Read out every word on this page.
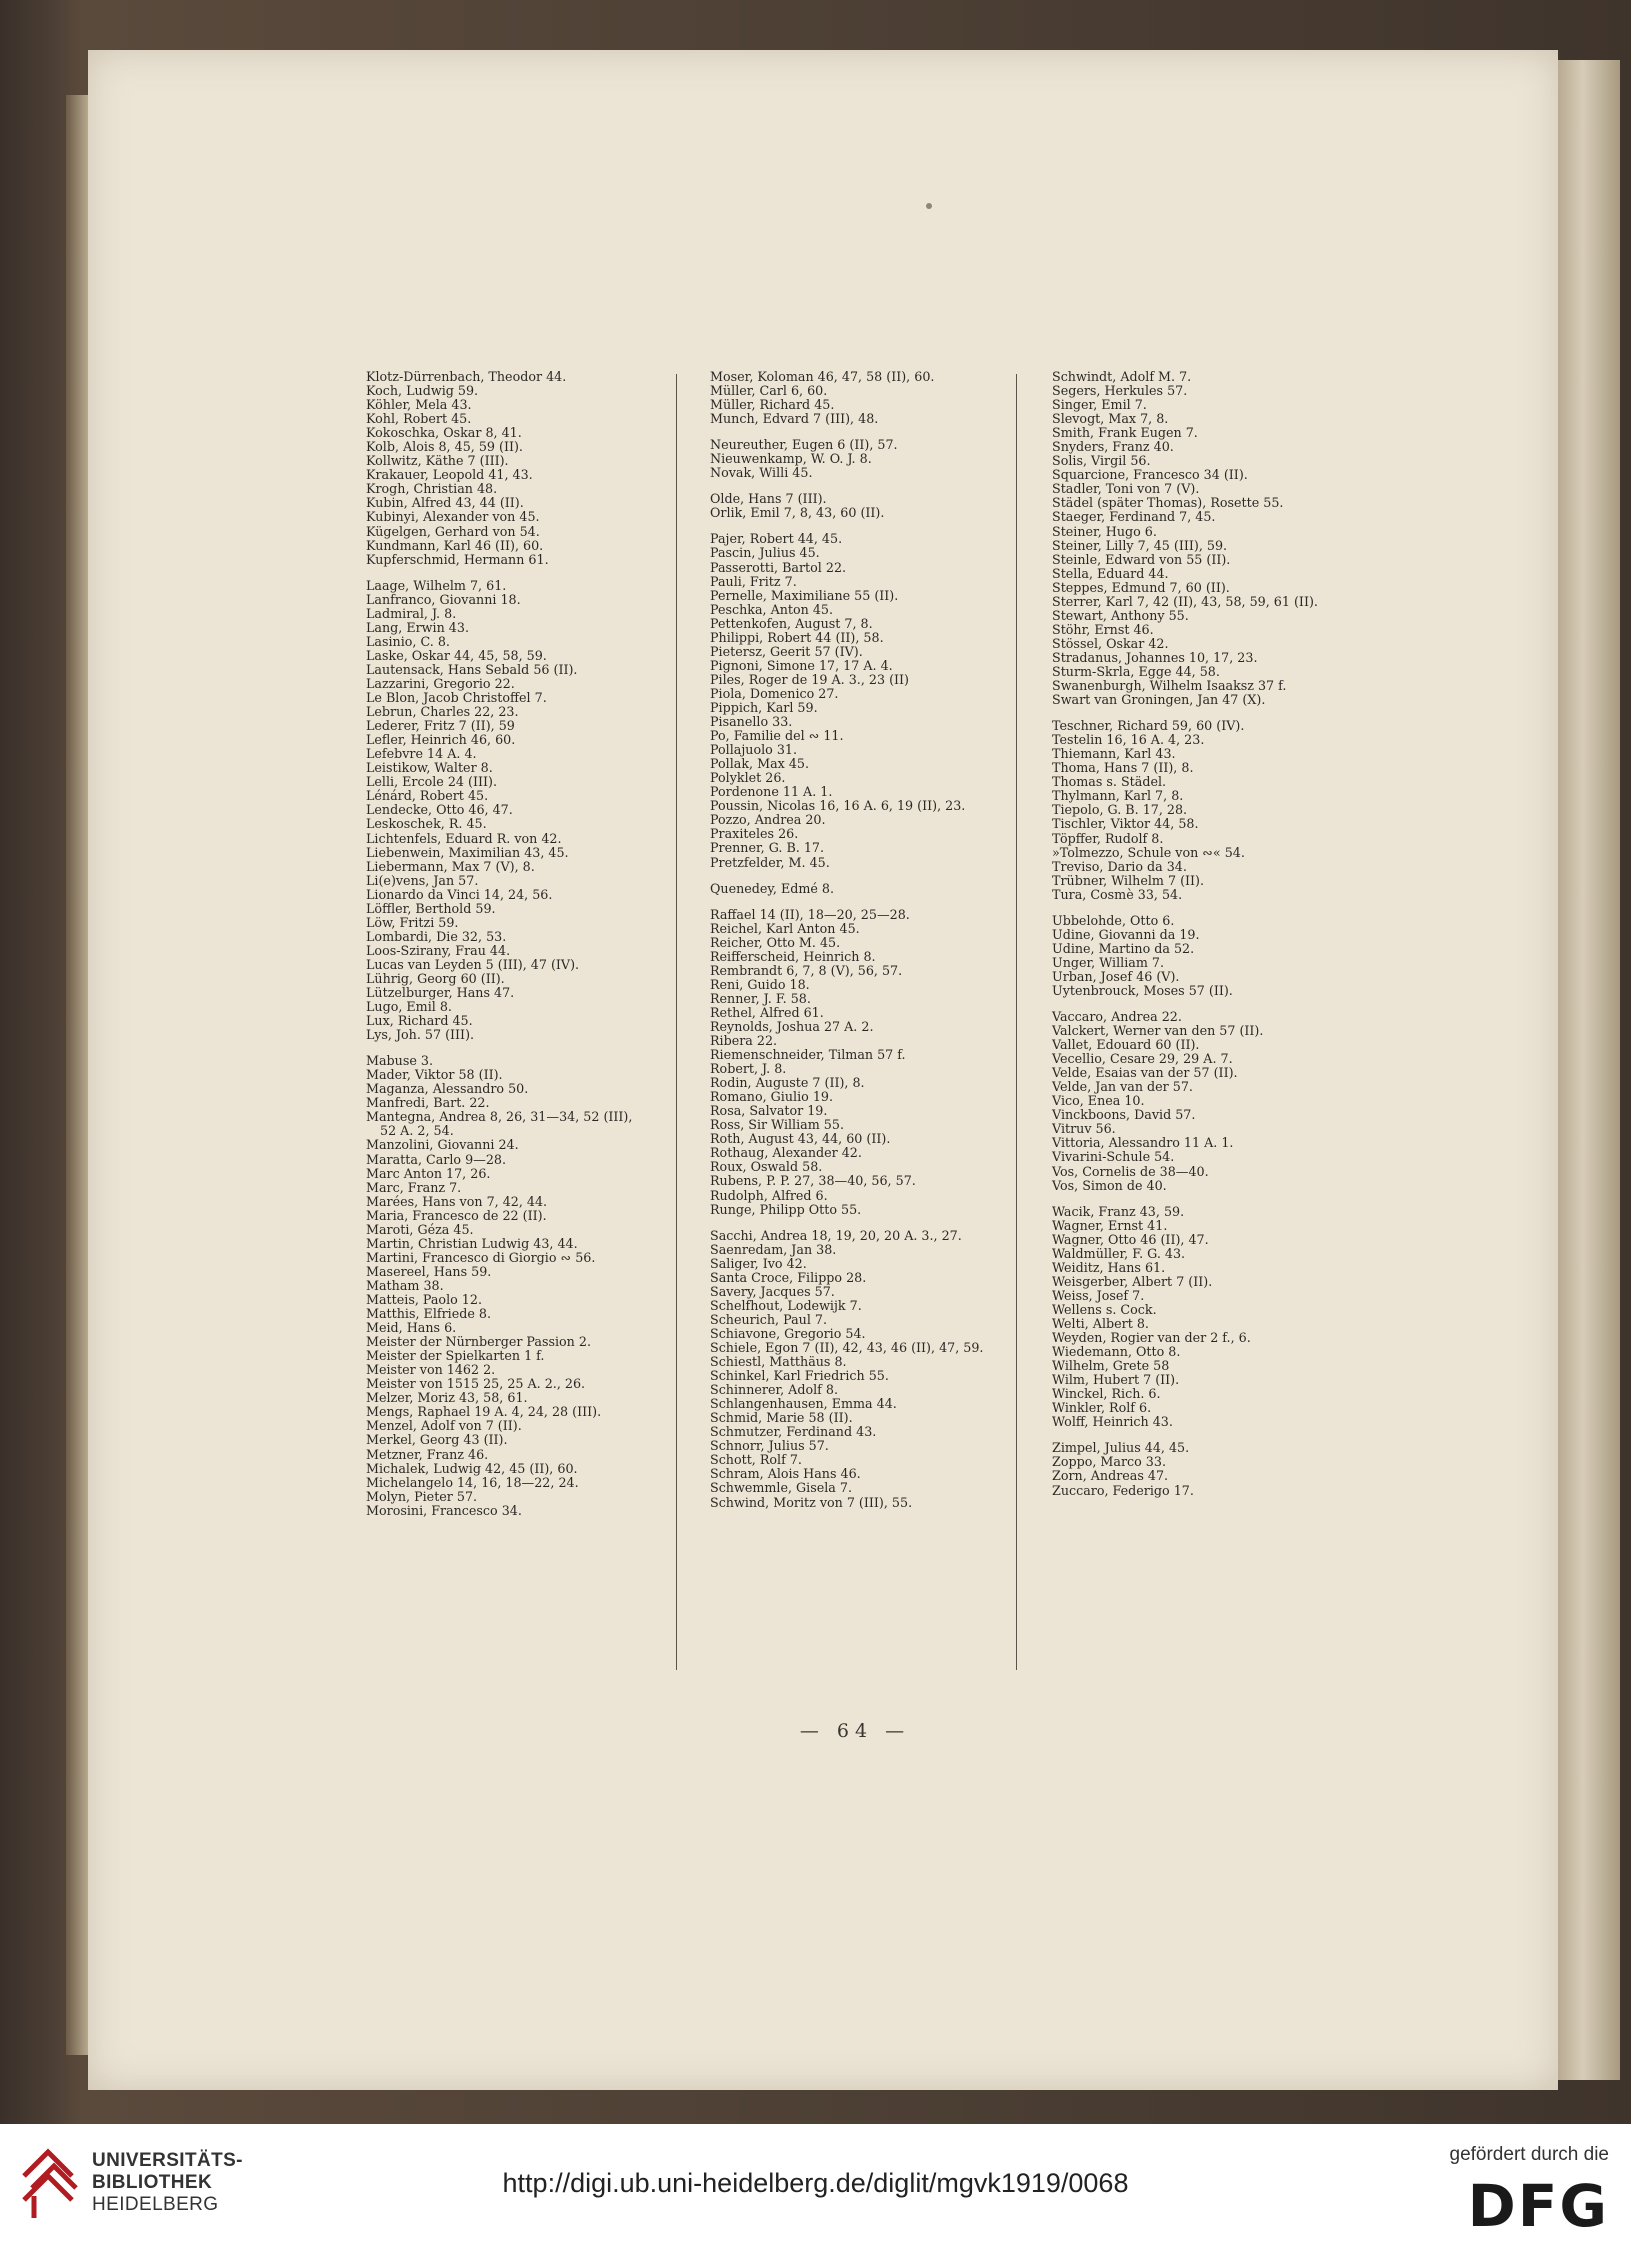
Klotz-Dürrenbach, Theodor 44.
Koch, Ludwig 59.
Köhler, Mela 43.
Kohl, Robert 45.
Kokoschka, Oskar 8, 41.
Kolb, Alois 8, 45, 59 (II).
Kollwitz, Käthe 7 (III).
Krakauer, Leopold 41, 43.
Krogh, Christian 48.
Kubin, Alfred 43, 44 (II).
Kubinyi, Alexander von 45.
Kügelgen, Gerhard von 54.
Kundmann, Karl 46 (II), 60.
Kupferschmid, Hermann 61.
Laage, Wilhelm 7, 61.
Lanfranco, Giovanni 18.
Ladmiral, J. 8.
Lang, Erwin 43.
Lasinio, C. 8.
Laske, Oskar 44, 45, 58, 59.
Lautensack, Hans Sebald 56 (II).
Lazzarini, Gregorio 22.
Le Blon, Jacob Christoffel 7.
Lebrun, Charles 22, 23.
Lederer, Fritz 7 (II), 59
Lefler, Heinrich 46, 60.
Lefebvre 14 A. 4.
Leistikow, Walter 8.
Lelli, Ercole 24 (III).
Lénárd, Robert 45.
Lendecke, Otto 46, 47.
Leskoschek, R. 45.
Lichtenfels, Eduard R. von 42.
Liebenwein, Maximilian 43, 45.
Liebermann, Max 7 (V), 8.
Li(e)vens, Jan 57.
Lionardo da Vinci 14, 24, 56.
Löffler, Berthold 59.
Löw, Fritzi 59.
Lombardi, Die 32, 53.
Loos-Szirany, Frau 44.
Lucas van Leyden 5 (III), 47 (IV).
Lührig, Georg 60 (II).
Lützelburger, Hans 47.
Lugo, Emil 8.
Lux, Richard 45.
Lys, Joh. 57 (III).
Mabuse 3.
Mader, Viktor 58 (II).
Maganza, Alessandro 50.
Manfredi, Bart. 22.
Mantegna, Andrea 8, 26, 31—34, 52 (III),
52 A. 2, 54.
Manzolini, Giovanni 24.
Maratta, Carlo 9—28.
Marc Anton 17, 26.
Marc, Franz 7.
Marées, Hans von 7, 42, 44.
Maria, Francesco de 22 (II).
Maroti, Géza 45.
Martin, Christian Ludwig 43, 44.
Martini, Francesco di Giorgio ∾ 56.
Masereel, Hans 59.
Matham 38.
Matteis, Paolo 12.
Matthis, Elfriede 8.
Meid, Hans 6.
Meister der Nürnberger Passion 2.
Meister der Spielkarten 1 f.
Meister von 1462 2.
Meister von 1515 25, 25 A. 2., 26.
Melzer, Moriz 43, 58, 61.
Mengs, Raphael 19 A. 4, 24, 28 (III).
Menzel, Adolf von 7 (II).
Merkel, Georg 43 (II).
Metzner, Franz 46.
Michalek, Ludwig 42, 45 (II), 60.
Michelangelo 14, 16, 18—22, 24.
Molyn, Pieter 57.
Morosini, Francesco 34.
Moser, Koloman 46, 47, 58 (II), 60.
Müller, Carl 6, 60.
Müller, Richard 45.
Munch, Edvard 7 (III), 48.
Neureuther, Eugen 6 (II), 57.
Nieuwenkamp, W. O. J. 8.
Novak, Willi 45.
Olde, Hans 7 (III).
Orlik, Emil 7, 8, 43, 60 (II).
Pajer, Robert 44, 45.
Pascin, Julius 45.
Passerotti, Bartol 22.
Pauli, Fritz 7.
Pernelle, Maximiliane 55 (II).
Peschka, Anton 45.
Pettenkofen, August 7, 8.
Philippi, Robert 44 (II), 58.
Pietersz, Geerit 57 (IV).
Pignoni, Simone 17, 17 A. 4.
Piles, Roger de 19 A. 3., 23 (II)
Piola, Domenico 27.
Pippich, Karl 59.
Pisanello 33.
Po, Familie del ∾ 11.
Pollajuolo 31.
Pollak, Max 45.
Polyklet 26.
Pordenone 11 A. 1.
Poussin, Nicolas 16, 16 A. 6, 19 (II), 23.
Pozzo, Andrea 20.
Praxiteles 26.
Prenner, G. B. 17.
Pretzfelder, M. 45.
Quenedey, Edmé 8.
Raffael 14 (II), 18—20, 25—28.
Reichel, Karl Anton 45.
Reicher, Otto M. 45.
Reifferscheid, Heinrich 8.
Rembrandt 6, 7, 8 (V), 56, 57.
Reni, Guido 18.
Renner, J. F. 58.
Rethel, Alfred 61.
Reynolds, Joshua 27 A. 2.
Ribera 22.
Riemenschneider, Tilman 57 f.
Robert, J. 8.
Rodin, Auguste 7 (II), 8.
Romano, Giulio 19.
Rosa, Salvator 19.
Ross, Sir William 55.
Roth, August 43, 44, 60 (II).
Rothaug, Alexander 42.
Roux, Oswald 58.
Rubens, P. P. 27, 38—40, 56, 57.
Rudolph, Alfred 6.
Runge, Philipp Otto 55.
Sacchi, Andrea 18, 19, 20, 20 A. 3., 27.
Saenredam, Jan 38.
Saliger, Ivo 42.
Santa Croce, Filippo 28.
Savery, Jacques 57.
Schelfhout, Lodewijk 7.
Scheurich, Paul 7.
Schiavone, Gregorio 54.
Schiele, Egon 7 (II), 42, 43, 46 (II), 47, 59.
Schiestl, Matthäus 8.
Schinkel, Karl Friedrich 55.
Schinnerer, Adolf 8.
Schlangenhausen, Emma 44.
Schmid, Marie 58 (II).
Schmutzer, Ferdinand 43.
Schnorr, Julius 57.
Schott, Rolf 7.
Schram, Alois Hans 46.
Schwemmle, Gisela 7.
Schwind, Moritz von 7 (III), 55.
Schwindt, Adolf M. 7.
Segers, Herkules 57.
Singer, Emil 7.
Slevogt, Max 7, 8.
Smith, Frank Eugen 7.
Snyders, Franz 40.
Solis, Virgil 56.
Squarcione, Francesco 34 (II).
Stadler, Toni von 7 (V).
Städel (später Thomas), Rosette 55.
Staeger, Ferdinand 7, 45.
Steiner, Hugo 6.
Steiner, Lilly 7, 45 (III), 59.
Steinle, Edward von 55 (II).
Stella, Eduard 44.
Steppes, Edmund 7, 60 (II).
Sterrer, Karl 7, 42 (II), 43, 58, 59, 61 (II).
Stewart, Anthony 55.
Stöhr, Ernst 46.
Stössel, Oskar 42.
Stradanus, Johannes 10, 17, 23.
Sturm-Skrla, Egge 44, 58.
Swanenburgh, Wilhelm Isaaksz 37 f.
Swart van Groningen, Jan 47 (X).
Teschner, Richard 59, 60 (IV).
Testelin 16, 16 A. 4, 23.
Thiemann, Karl 43.
Thoma, Hans 7 (II), 8.
Thomas s. Städel.
Thylmann, Karl 7, 8.
Tiepolo, G. B. 17, 28.
Tischler, Viktor 44, 58.
Töpffer, Rudolf 8.
»Tolmezzo, Schule von ∾« 54.
Treviso, Dario da 34.
Trübner, Wilhelm 7 (II).
Tura, Cosmè 33, 54.
Ubbelohde, Otto 6.
Udine, Giovanni da 19.
Udine, Martino da 52.
Unger, William 7.
Urban, Josef 46 (V).
Uytenbrouck, Moses 57 (II).
Vaccaro, Andrea 22.
Valckert, Werner van den 57 (II).
Vallet, Edouard 60 (II).
Vecellio, Cesare 29, 29 A. 7.
Velde, Esaias van der 57 (II).
Velde, Jan van der 57.
Vico, Enea 10.
Vinckboons, David 57.
Vitruv 56.
Vittoria, Alessandro 11 A. 1.
Vivarini-Schule 54.
Vos, Cornelis de 38—40.
Vos, Simon de 40.
Wacik, Franz 43, 59.
Wagner, Ernst 41.
Wagner, Otto 46 (II), 47.
Waldmüller, F. G. 43.
Weiditz, Hans 61.
Weisgerber, Albert 7 (II).
Weiss, Josef 7.
Wellens s. Cock.
Welti, Albert 8.
Weyden, Rogier van der 2 f., 6.
Wiedemann, Otto 8.
Wilhelm, Grete 58
Wilm, Hubert 7 (II).
Winckel, Rich. 6.
Winkler, Rolf 6.
Wolff, Heinrich 43.
Zimpel, Julius 44, 45.
Zoppo, Marco 33.
Zorn, Andreas 47.
Zuccaro, Federigo 17.
— 64 —
UNIVERSITÄTS-
BIBLIOTHEK
HEIDELBERG
http://digi.ub.uni-heidelberg.de/diglit/mgvk1919/0068
gefördert durch die
DFG
